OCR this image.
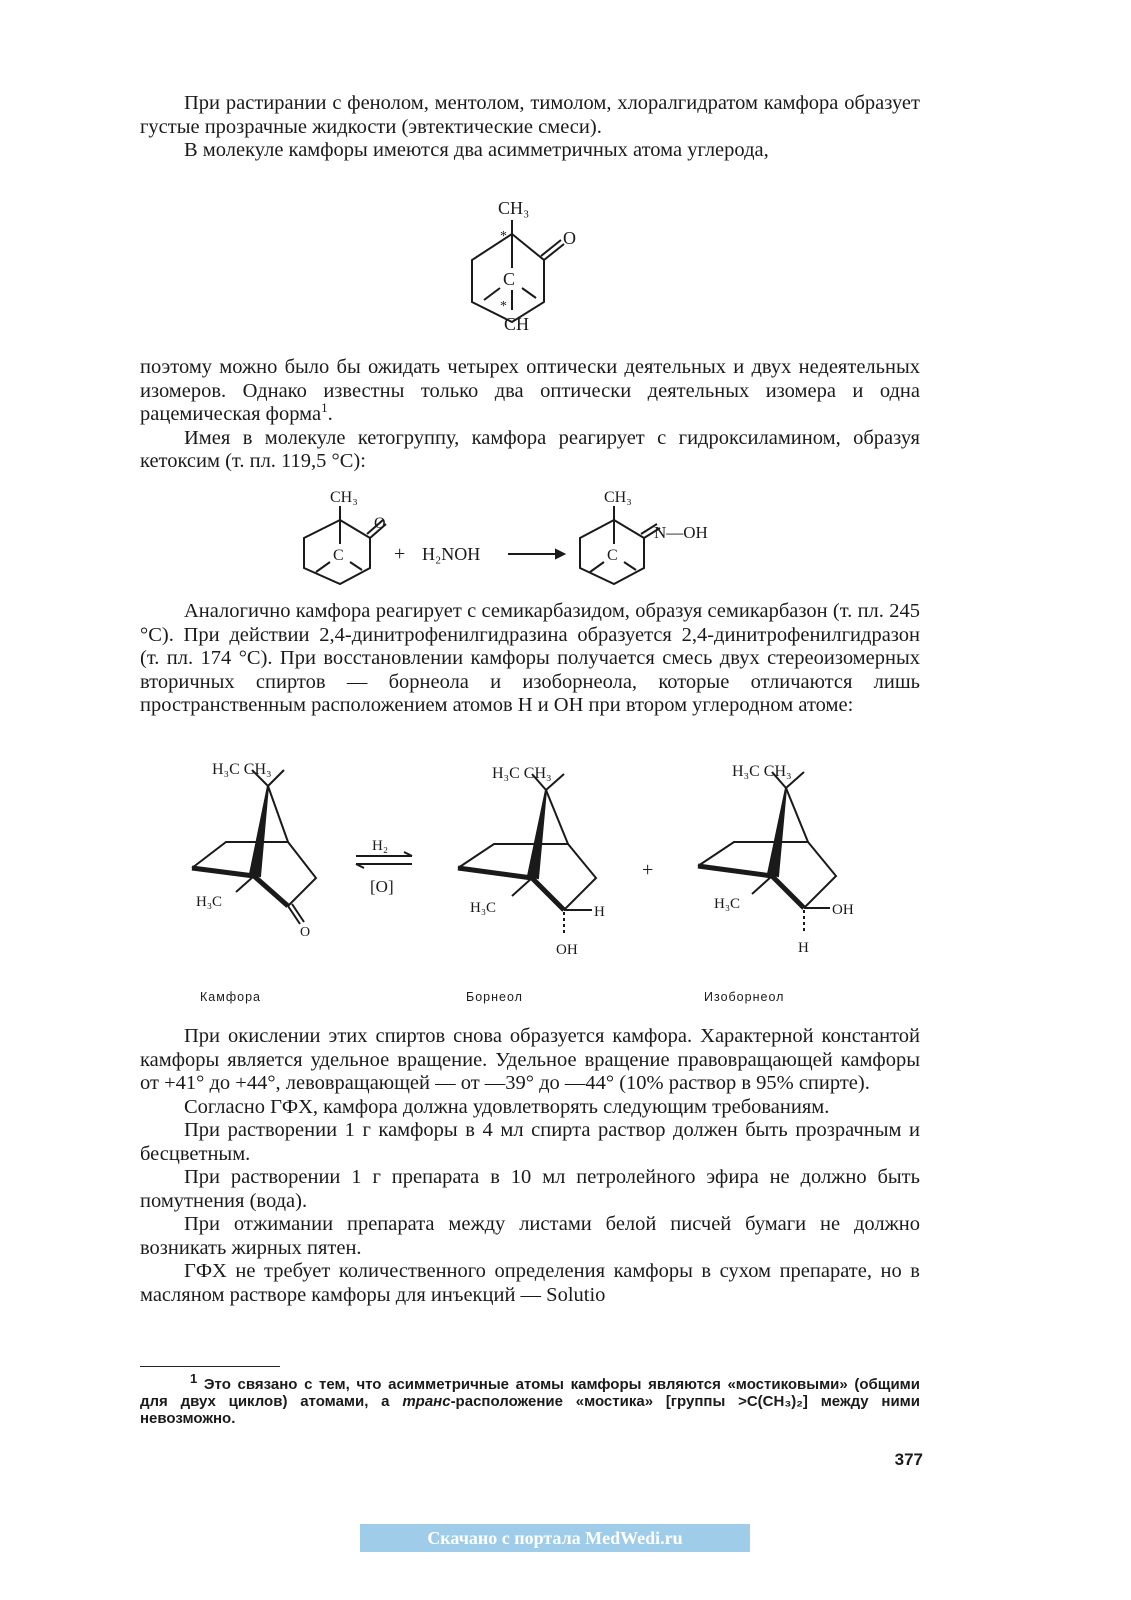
При растирании с фенолом, ментолом, тимолом, хлоралгидратом камфора образует густые прозрачные жидкости (эвтектические смеси).

В молекуле камфоры имеются два асимметричных атома углерода,

CH₃
O
C
*
*
CH

поэтому можно было бы ожидать четырех оптически деятельных и двух недеятельных изомеров. Однако известны только два оптически деятельных изомера и одна рацемическая форма$^1$.

Имея в молекуле кетогруппу, камфора реагирует с гидроксиламином, образуя кетоксим (т. пл. 119,5 °C):

CH₃
O
C	+ H₂NOH
CH₃
N—OH
C

Аналогично камфора реагирует с семикарбазидом, образуя семикарбазон (т. пл. 245 °C). При действии 2,4-динитрофенилгидразина образуется 2,4-динитрофенилгидразон (т. пл. 174 °C). При восстановлении камфоры получается смесь двух стереоизомерных вторичных спиртов — борнеола и изоборнеола, которые отличаются лишь пространственным расположением атомов H и OH при втором углеродном атоме:

H₃C CH₃
H₃C
O
H₂
[O]
H₃C CH₃
H₃C	H
OH
+
H₃C CH₃
H₃C	OH
H
Камфора	Борнеол	Изоборнеол

При окислении этих спиртов снова образуется камфора. Характерной константой камфоры является удельное вращение. Удельное вращение правовращающей камфоры от +41° до +44°, левовращающей — от —39° до —44° (10% раствор в 95% спирте).

Согласно ГФХ, камфора должна удовлетворять следующим требованиям.

При растворении 1 г камфоры в 4 мл спирта раствор должен быть прозрачным и бесцветным.

При растворении 1 г препарата в 10 мл петролейного эфира не должно быть помутнения (вода).

При отжимании препарата между листами белой писчей бумаги не должно возникать жирных пятен.

ГФХ не требует количественного определения камфоры в сухом препарате, но в масляном растворе камфоры для инъекций — Solutio

$^1$ Это связано с тем, что асимметричные атомы камфоры являются «мостиковыми» (общими для двух циклов) атомами, а транс-расположение «мостика» [группы >C(CH₃)₂] между ними невозможно.

377
Скачано с портала MedWedi.ru
